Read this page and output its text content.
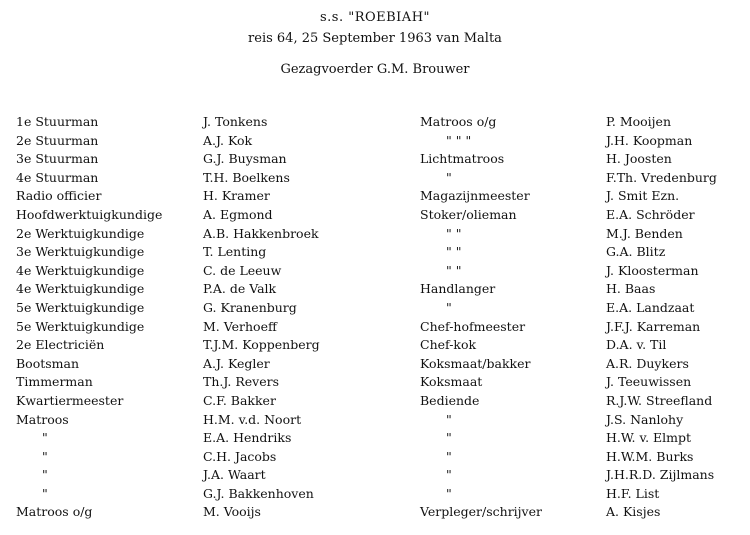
s.s. "ROEBIAH"
reis 64, 25 September 1963 van Malta
Gezagvoerder G.M. Brouwer
1e Stuurman
2e Stuurman
3e Stuurman
4e Stuurman
Radio officier
Hoofdwerktuigkundige
2e Werktuigkundige
3e Werktuigkundige
4e Werktuigkundige
4e Werktuigkundige
5e Werktuigkundige
5e Werktuigkundige
2e Electriciën
Bootsman
Timmerman
Kwartiermeester
Matroos
"
"
"
"
Matroos o/g
J. Tonkens
A.J. Kok
G.J. Buysman
T.H. Boelkens
H. Kramer
A. Egmond
A.B. Hakkenbroek
T. Lenting
C. de Leeuw
P.A. de Valk
G. Kranenburg
M. Verhoeff
T.J.M. Koppenberg
A.J. Kegler
Th.J. Revers
C.F. Bakker
H.M. v.d. Noort
E.A. Hendriks
C.H. Jacobs
J.A. Waart
G.J. Bakkenhoven
M. Vooijs
Matroos o/g
" " "
Lichtmatroos
"
Magazijnmeester
Stoker/olieman
" "
" "
" "
Handlanger
"
Chef-hofmeester
Chef-kok
Koksmaat/bakker
Koksmaat
Bediende
"
"
"
"
"
Verpleger/schrijver
P. Mooijen
J.H. Koopman
H. Joosten
F.Th. Vredenburg
J. Smit Ezn.
E.A. Schröder
M.J. Benden
G.A. Blitz
J. Kloosterman
H. Baas
E.A. Landzaat
J.F.J. Karreman
D.A. v. Til
A.R. Duykers
J. Teeuwissen
R.J.W. Streefland
J.S. Nanlohy
H.W. v. Elmpt
H.W.M. Burks
J.H.R.D. Zijlmans
H.F. List
A. Kisjes
